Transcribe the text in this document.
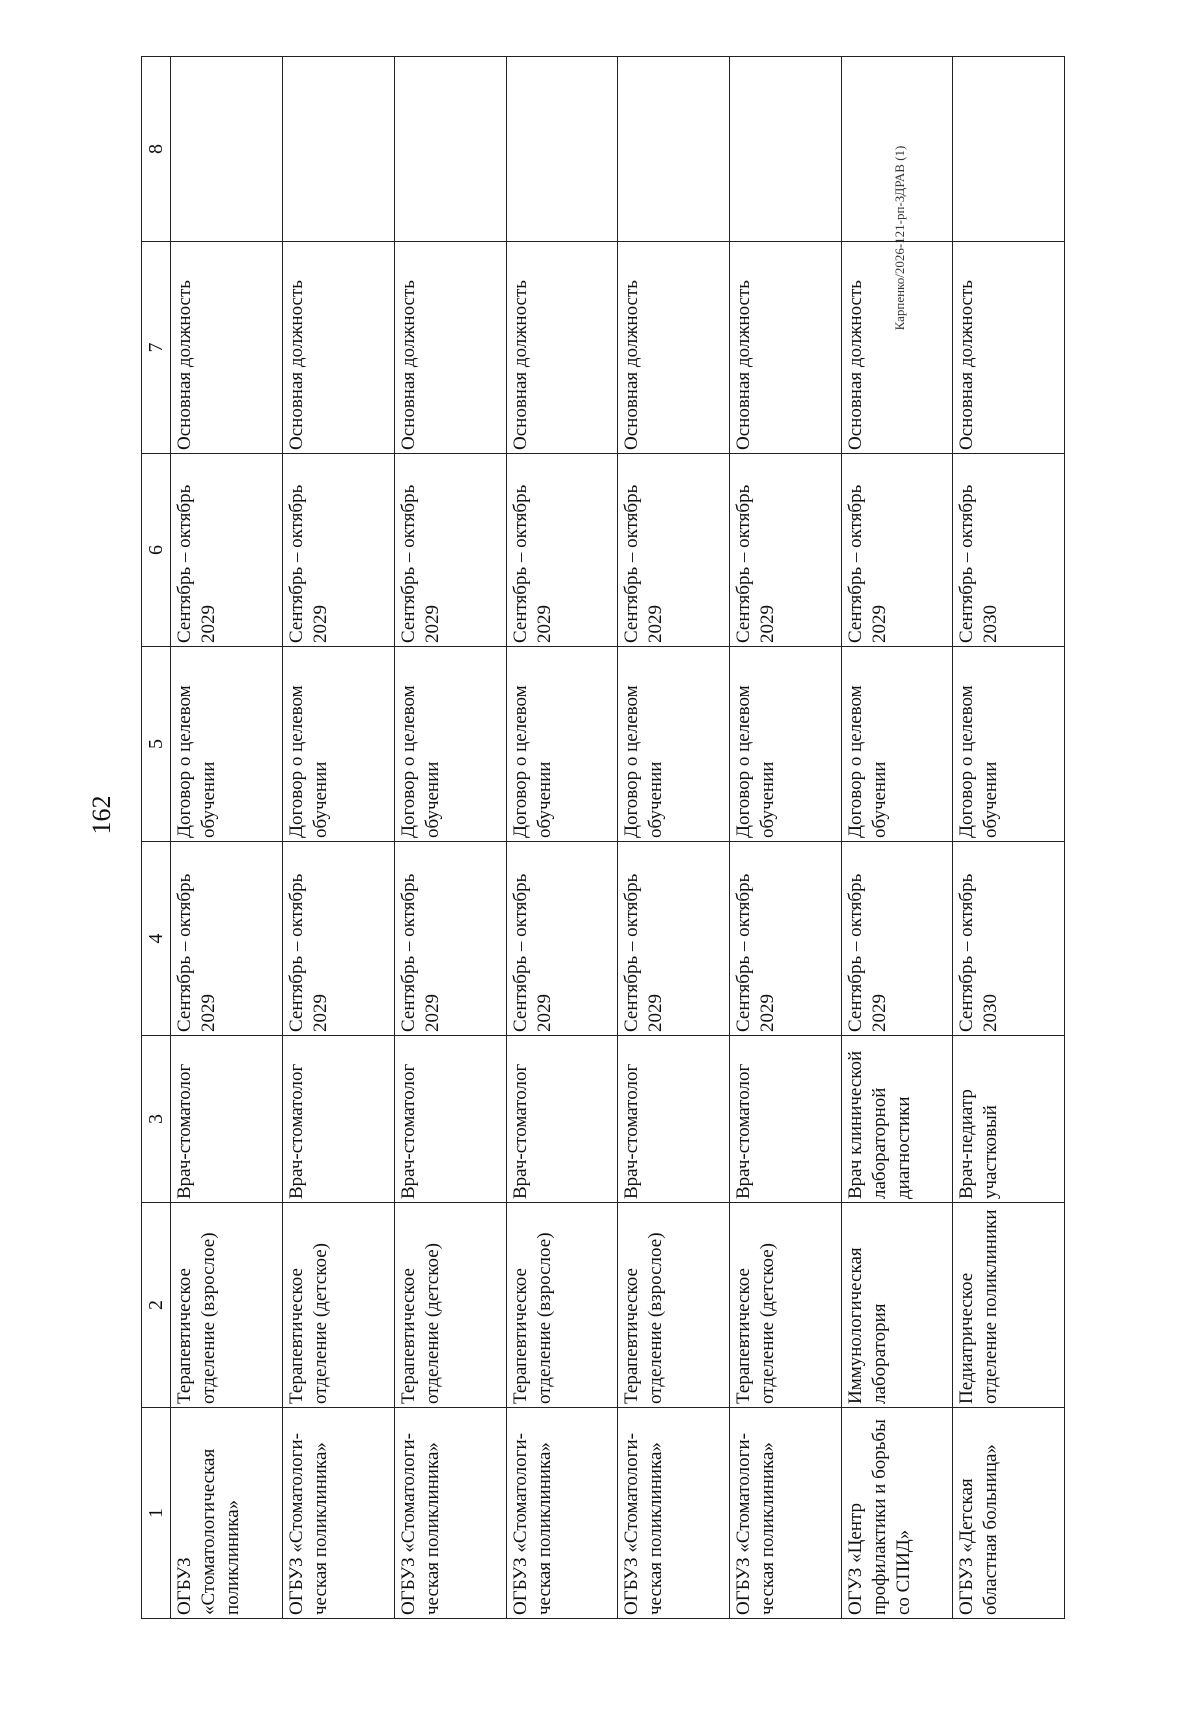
162
Карпенко/2026-121-рп-ЗДРАВ (1)
1	2	3	4	5	6	7	8
ОГБУЗ «Стоматологическая поликлиника»	Терапевтическое отделение (взрослое)	Врач-стоматолог	Сентябрь – октябрь 2029	Договор о целевом обучении	Сентябрь – октябрь 2029	Основная должность	
ОГБУЗ «Стоматологи-ческая поликлиника»	Терапевтическое отделение (детское)	Врач-стоматолог	Сентябрь – октябрь 2029	Договор о целевом обучении	Сентябрь – октябрь 2029	Основная должность	
ОГБУЗ «Стоматологи-ческая поликлиника»	Терапевтическое отделение (детское)	Врач-стоматолог	Сентябрь – октябрь 2029	Договор о целевом обучении	Сентябрь – октябрь 2029	Основная должность	
ОГБУЗ «Стоматологи-ческая поликлиника»	Терапевтическое отделение (взрослое)	Врач-стоматолог	Сентябрь – октябрь 2029	Договор о целевом обучении	Сентябрь – октябрь 2029	Основная должность	
ОГБУЗ «Стоматологи-ческая поликлиника»	Терапевтическое отделение (взрослое)	Врач-стоматолог	Сентябрь – октябрь 2029	Договор о целевом обучении	Сентябрь – октябрь 2029	Основная должность	
ОГБУЗ «Стоматологи-ческая поликлиника»	Терапевтическое отделение (детское)	Врач-стоматолог	Сентябрь – октябрь 2029	Договор о целевом обучении	Сентябрь – октябрь 2029	Основная должность	
ОГУЗ «Центр профилактики и борьбы со СПИД»	Иммунологическая лаборатория	Врач клинической лабораторной диагностики	Сентябрь – октябрь 2029	Договор о целевом обучении	Сентябрь – октябрь 2029	Основная должность	
ОГБУЗ «Детская областная больница»	Педиатрическое отделение поликлиники	Врач-педиатр участковый	Сентябрь – октябрь 2030	Договор о целевом обучении	Сентябрь – октябрь 2030	Основная должность	
